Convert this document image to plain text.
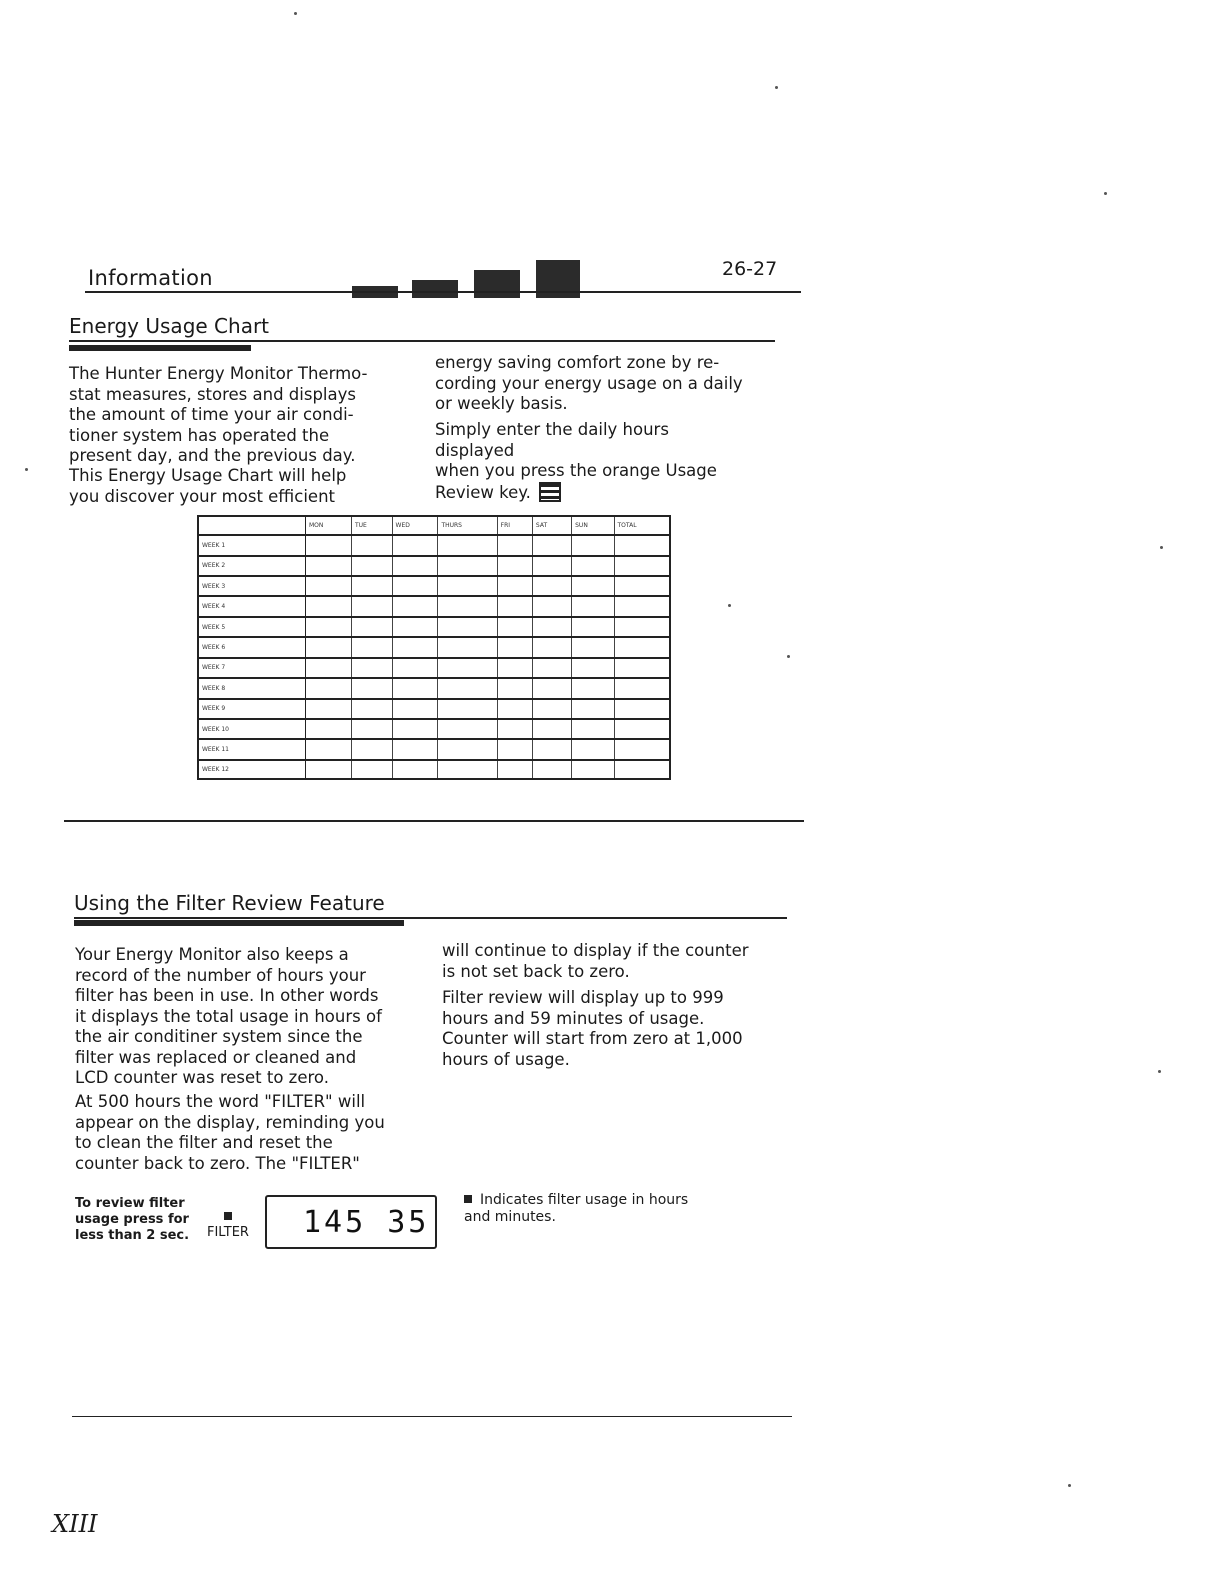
Information	26-27
Energy Usage Chart
The Hunter Energy Monitor Thermo-
stat measures, stores and displays
the amount of time your air condi-
tioner system has operated the
present day, and the previous day.
This Energy Usage Chart will help
you discover your most efficient
energy saving comfort zone by re-
cording your energy usage on a daily
or weekly basis.
Simply enter the daily hours
displayed
when you press the orange Usage
Review key.
	MON	TUE	WED	THURS	FRI	SAT	SUN	TOTAL
WEEK 1								
WEEK 2								
WEEK 3								
WEEK 4								
WEEK 5								
WEEK 6								
WEEK 7								
WEEK 8								
WEEK 9								
WEEK 10								
WEEK 11								
WEEK 12								
Using the Filter Review Feature
Your Energy Monitor also keeps a
record of the number of hours your
filter has been in use. In other words
it displays the total usage in hours of
the air conditiner system since the
filter was replaced or cleaned and
LCD counter was reset to zero.
At 500 hours the word "FILTER" will
appear on the display, reminding you
to clean the filter and reset the
counter back to zero. The "FILTER"
will continue to display if the counter
is not set back to zero.
Filter review will display up to 999
hours and 59 minutes of usage.
Counter will start from zero at 1,000
hours of usage.
To review filter
usage press for
less than 2 sec.	FILTER 145 35
Indicates filter usage in hours
and minutes.
XIII
